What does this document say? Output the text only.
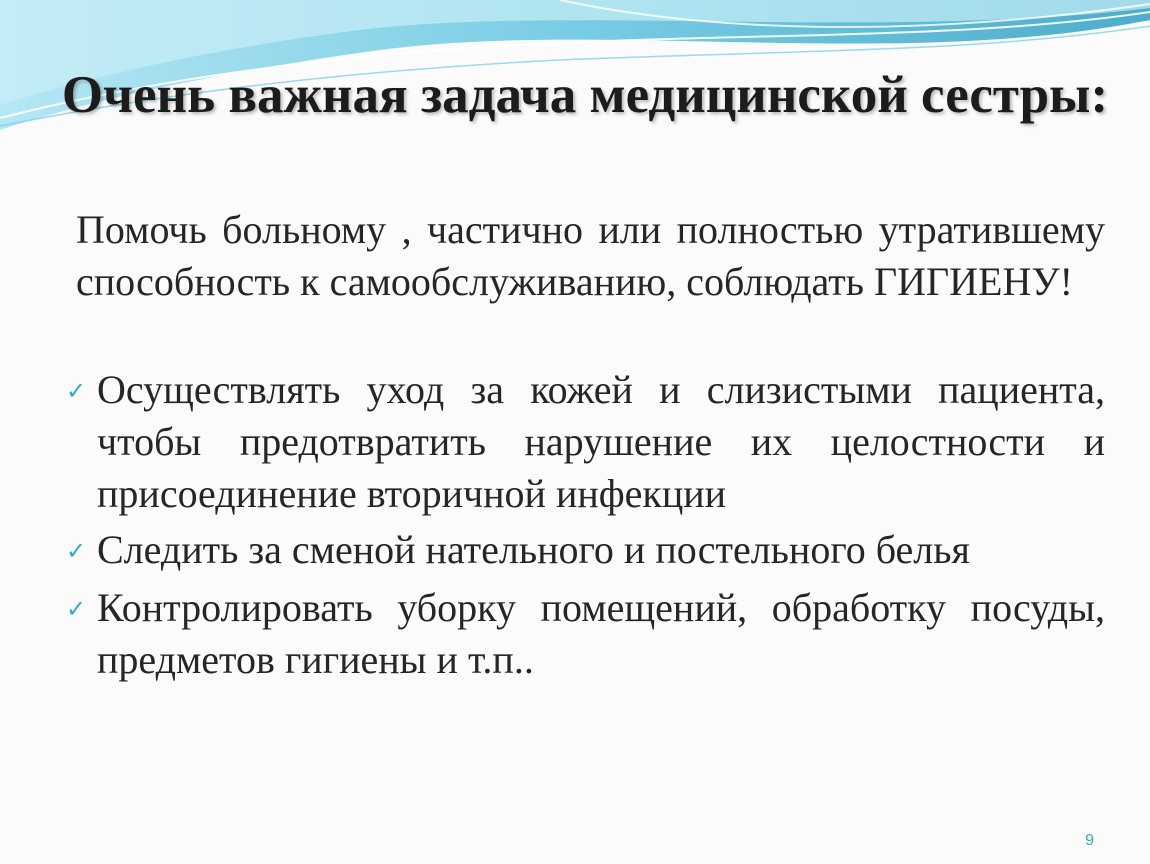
Очень важная задача медицинской сестры:
Помочь больному , частично или полностью утратившему способность к самообслуживанию, соблюдать ГИГИЕНУ!
✓ Осуществлять уход за кожей и слизистыми пациента, чтобы предотвратить нарушение их целостности и присоединение вторичной инфекции
✓ Следить за сменой нательного и постельного белья
✓ Контролировать уборку помещений, обработку посуды, предметов гигиены и т.п..
9
